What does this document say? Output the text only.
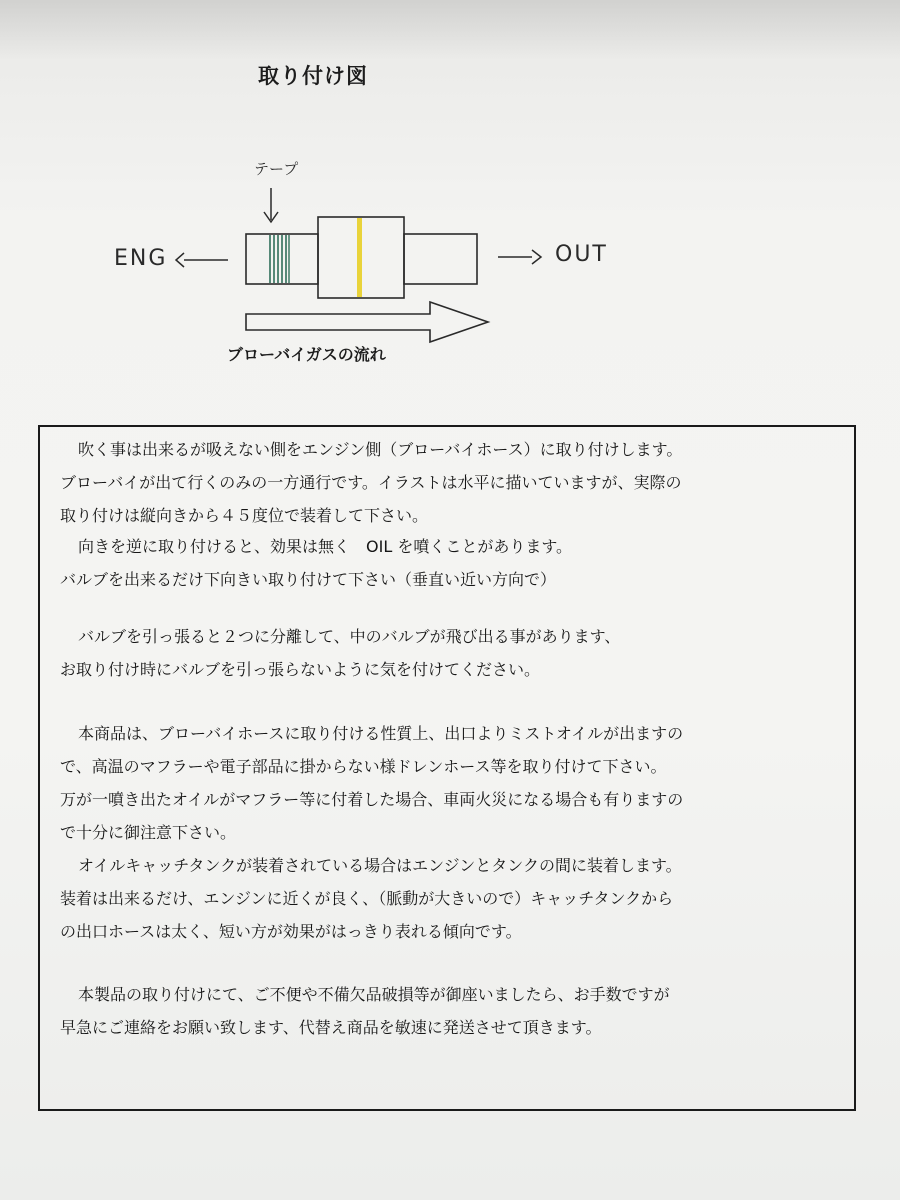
取り付け図
テープ
ENG	OUT
ブローバイガスの流れ
吹く事は出来るが吸えない側をエンジン側（ブローバイホース）に取り付けします。
ブローバイが出て行くのみの一方通行です。イラストは水平に描いていますが、実際の
取り付けは縦向きから４５度位で装着して下さい。
向きを逆に取り付けると、効果は無く　OIL を噴くことがあります。
バルブを出来るだけ下向きい取り付けて下さい（垂直い近い方向で）
バルブを引っ張ると２つに分離して、中のバルブが飛び出る事があります、
お取り付け時にバルブを引っ張らないように気を付けてください。
本商品は、ブローバイホースに取り付ける性質上、出口よりミストオイルが出ますの
で、高温のマフラーや電子部品に掛からない様ドレンホース等を取り付けて下さい。
万が一噴き出たオイルがマフラー等に付着した場合、車両火災になる場合も有りますの
で十分に御注意下さい。
オイルキャッチタンクが装着されている場合はエンジンとタンクの間に装着します。
装着は出来るだけ、エンジンに近くが良く、（脈動が大きいので）キャッチタンクから
の出口ホースは太く、短い方が効果がはっきり表れる傾向です。
本製品の取り付けにて、ご不便や不備欠品破損等が御座いましたら、お手数ですが
早急にご連絡をお願い致します、代替え商品を敏速に発送させて頂きます。
